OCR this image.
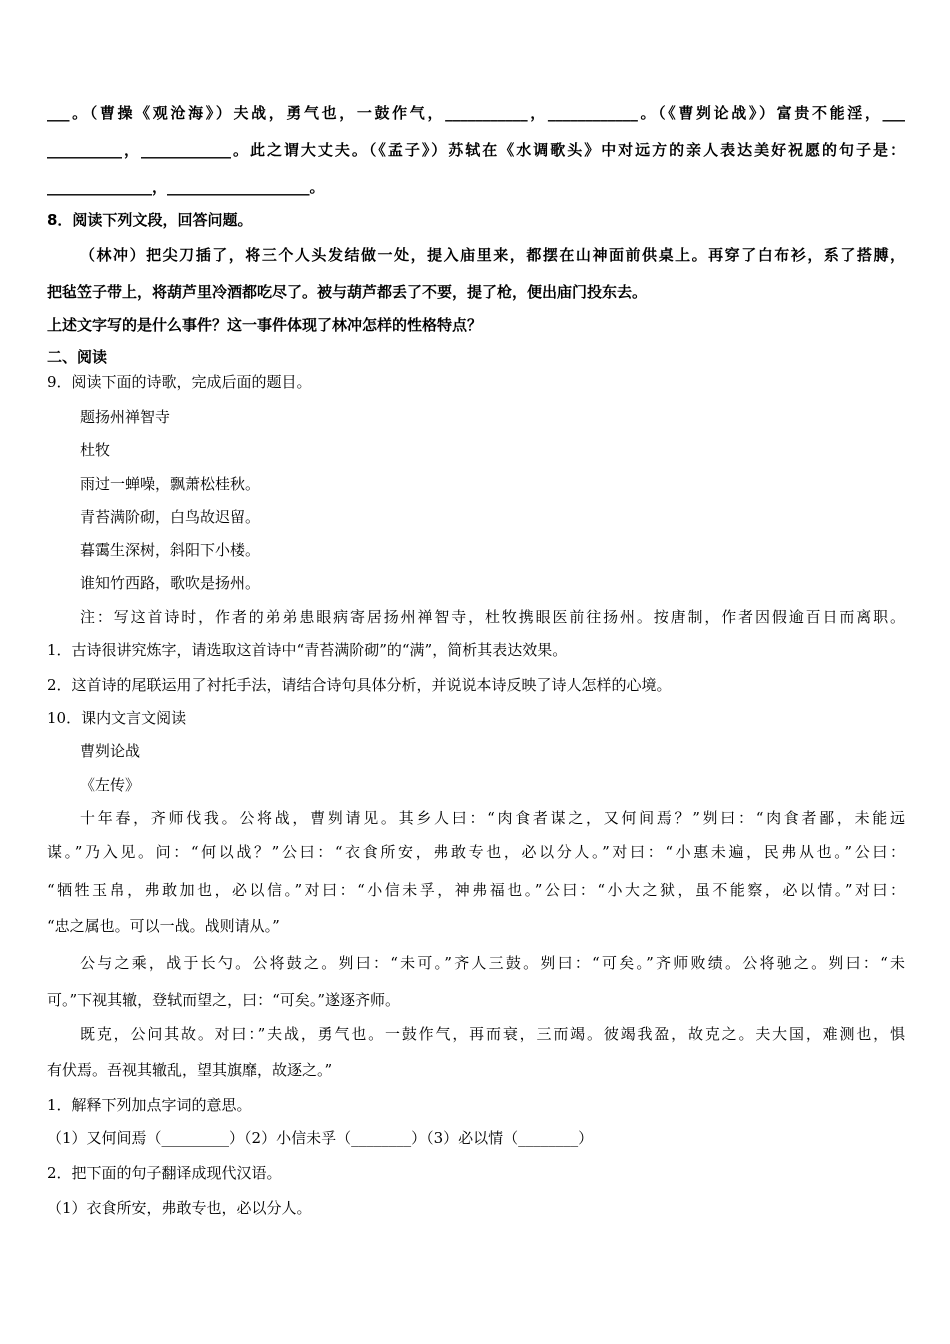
___。（曹操《观沧海》）夫战，勇气也，一鼓作气，___________，____________。（《曹刿论战》）富贵不能淫，___
__________，____________。此之谓大丈夫。（《孟子》）苏轼在《水调歌头》中对远方的亲人表达美好祝愿的句子是：
______________，___________________。
8．阅读下列文段，回答问题。
（林冲）把尖刀插了，将三个人头发结做一处，提入庙里来，都摆在山神面前供桌上。再穿了白布衫，系了搭膊，
把毡笠子带上，将葫芦里冷酒都吃尽了。被与葫芦都丢了不要，提了枪，便出庙门投东去。
上述文字写的是什么事件？这一事件体现了林冲怎样的性格特点？
二、阅读
9．阅读下面的诗歌，完成后面的题目。
题扬州禅智寺
杜牧
雨过一蝉噪，飘萧松桂秋。
青苔满阶砌，白鸟故迟留。
暮霭生深树，斜阳下小楼。
谁知竹西路，歌吹是扬州。
注：写这首诗时，作者的弟弟患眼病寄居扬州禅智寺，杜牧携眼医前往扬州。按唐制，作者因假逾百日而离职。
1．古诗很讲究炼字，请选取这首诗中“青苔满阶砌”的“满”，简析其表达效果。
2．这首诗的尾联运用了衬托手法，请结合诗句具体分析，并说说本诗反映了诗人怎样的心境。
10．课内文言文阅读
曹刿论战
《左传》
十年春，齐师伐我。公将战，曹刿请见。其乡人曰：“肉食者谋之，又何间焉？”刿曰：“肉食者鄙，未能远
谋。”乃入见。问：“何以战？”公曰：“衣食所安，弗敢专也，必以分人。”对曰：“小惠未遍，民弗从也。”公曰：
“牺牲玉帛，弗敢加也，必以信。”对曰：“小信未孚，神弗福也。”公曰：“小大之狱，虽不能察，必以情。”对曰：
“忠之属也。可以一战。战则请从。”
公与之乘，战于长勺。公将鼓之。刿曰：“未可。”齐人三鼓。刿曰：“可矣。”齐师败绩。公将驰之。刿曰：“未
可。”下视其辙，登轼而望之，曰：“可矣。”遂逐齐师。
既克，公问其故。对曰：”夫战，勇气也。一鼓作气，再而衰，三而竭。彼竭我盈，故克之。夫大国，难测也，惧
有伏焉。吾视其辙乱，望其旗靡，故逐之。”
1．解释下列加点字词的意思。
（1）又何间焉（_________）（2）小信未孚（________）（3）必以情（________）
2．把下面的句子翻译成现代汉语。
（1）衣食所安，弗敢专也，必以分人。
